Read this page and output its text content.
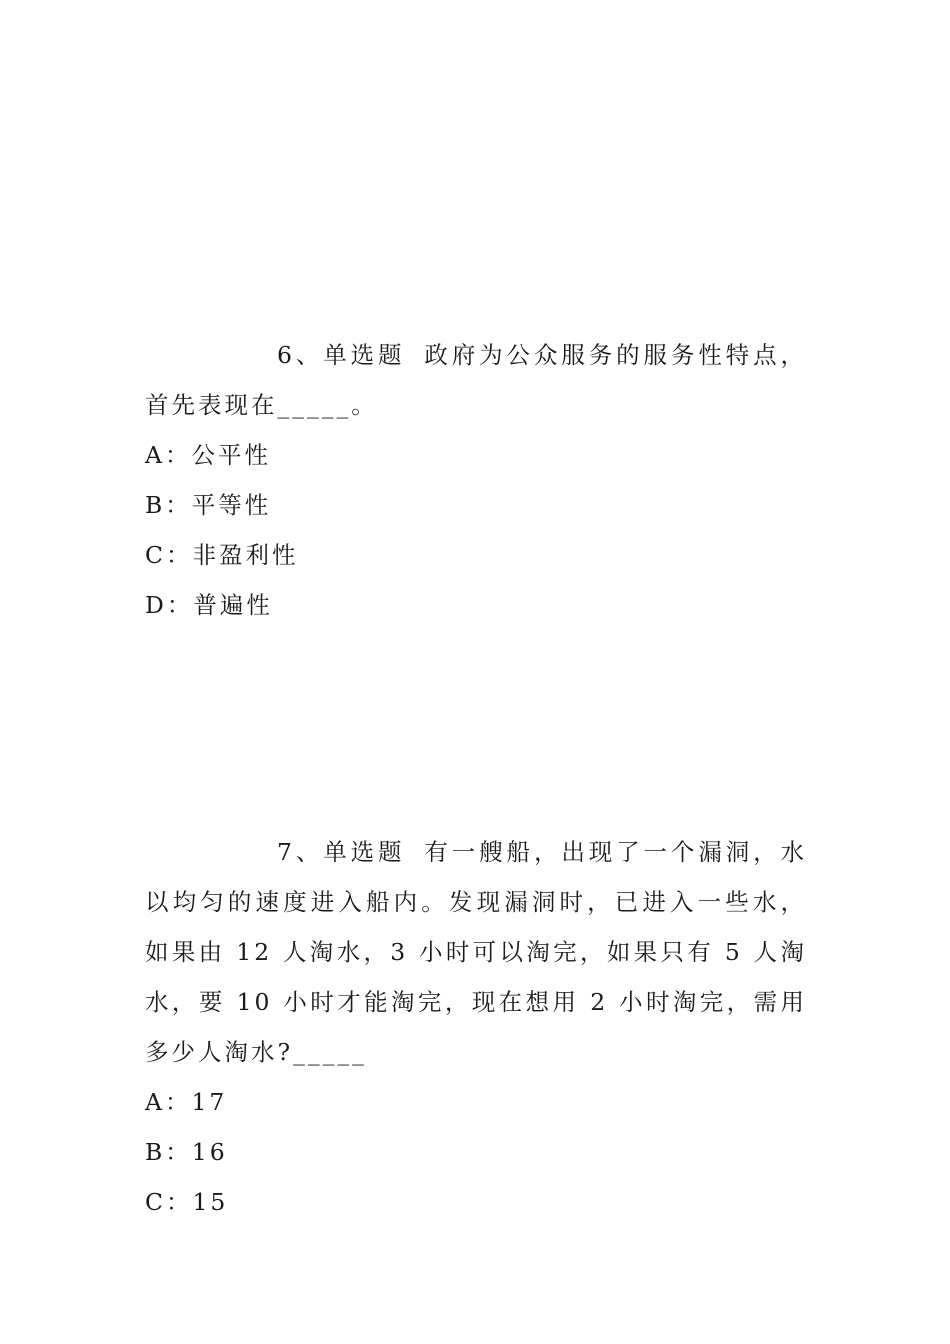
6、单选题 政府为公众服务的服务性特点，首先表现在_____。

A：公平性

B：平等性

C：非盈利性

D：普遍性

7、单选题 有一艘船，出现了一个漏洞，水以均匀的速度进入船内。发现漏洞时，已进入一些水，如果由 12 人淘水，3 小时可以淘完，如果只有 5 人淘水，要 10 小时才能淘完，现在想用 2 小时淘完，需用多少人淘水?_____

A：17

B：16

C：15
